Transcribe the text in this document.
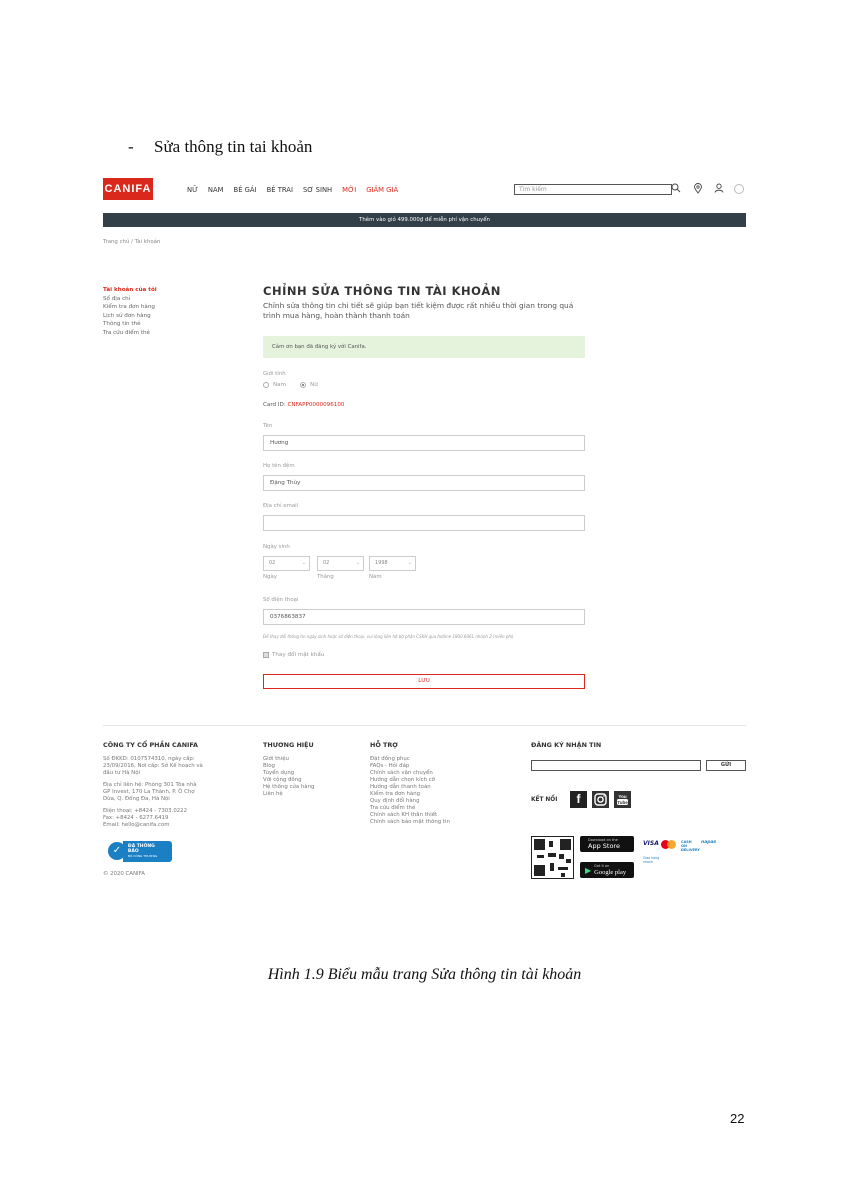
- Sửa thông tin tai khoản
CANIFA	NỮ NAM BÉ GÁI BÉ TRAI SƠ SINH MỚI GIẢM GIÁ	Tìm kiếm
Thêm vào giỏ 499.000₫ để miễn phí vận chuyển
Trang chủ / Tài khoản
Tài khoản của tôi
Sổ địa chỉ
Kiểm tra đơn hàng
Lịch sử đơn hàng
Thông tin thẻ
Tra cứu điểm thẻ
CHỈNH SỬA THÔNG TIN TÀI KHOẢN
Chỉnh sửa thông tin chi tiết sẽ giúp bạn tiết kiệm được rất nhiều thời gian trong quá trình mua hàng, hoàn thành thanh toán
Cảm ơn bạn đã đăng ký với Canifa.
Giới tính
Nam	Nữ
Card ID: CNFAPP0000096100
Tên
Hương
Họ tên đệm
Đặng Thùy
Địa chỉ email
Ngày sinh
02	⌄	02	⌄	1998	⌄
Ngày	Tháng	Năm
Số điện thoại
0376863837
Để thay đổi thông tin ngày sinh hoặc số điện thoại, vui lòng liên hệ bộ phận CSKH qua hotline 1800.6061 nhánh 2 (miễn phí)
Thay đổi mật khẩu
LƯU
CÔNG TY CỔ PHẦN CANIFA
Số ĐKKD: 0107574310, ngày cấp:
23/09/2016, Nơi cấp: Sở Kế hoạch và
đầu tư Hà Nội
Địa chỉ liên hệ: Phòng 301 Tòa nhà
GP Invest, 170 La Thành, P. Ô Chợ
Dừa, Q. Đống Đa, Hà Nội
Điện thoại: +8424 - 7303.0222
Fax: +8424 - 6277.6419
Email: hello@canifa.com
✓	ĐÃ THÔNG BÁO
BỘ CÔNG THƯƠNG
© 2020 CANIFA
THƯƠNG HIỆU
Giới thiệu
Blog
Tuyển dụng
Với cộng đồng
Hệ thống cửa hàng
Liên hệ
HỖ TRỢ
Đặt đồng phục
FAQs - Hỏi đáp
Chính sách vận chuyển
Hướng dẫn chọn kích cỡ
Hướng dẫn thanh toán
Kiểm tra đơn hàng
Quy định đổi hàng
Tra cứu điểm thẻ
Chính sách KH thân thiết
Chính sách bảo mật thông tin
ĐĂNG KÝ NHẬN TIN
GỬI
KẾT NỐI	f	You
Tube
Download on the
App Store
▶ Get it on
Google play
VISA	CASH ON DELIVERY
napas
Giao hàng
nhanh
Hình 1.9 Biểu mẫu trang Sửa thông tin tài khoản
22
